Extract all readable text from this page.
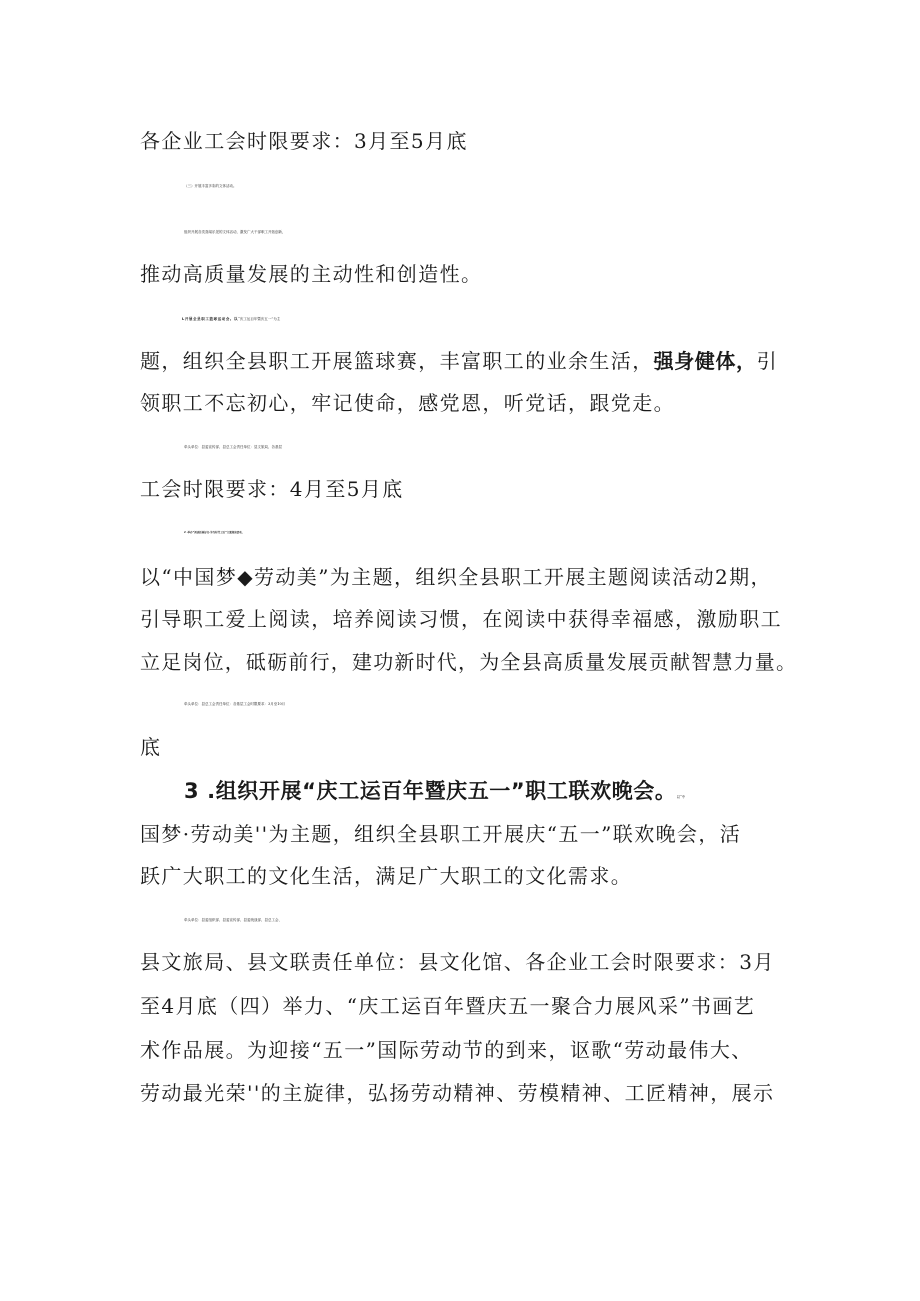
各企业工会时限要求：3月至5月底
（三）开展丰富多彩的文体活动。
组织开展各类喜闻乐见的文体活动，激发广大干部职工开拓创新，
推动高质量发展的主动性和创造性。
L开展全县职工篮球运动会。以“庆工运百年暨庆五一”为主
题，组织全县职工开展篮球赛，丰富职工的业余生活，强身健体，引
领职工不忘初心，牢记使命，感党恩，听党话，跟党走。
牵头单位：县委宣传部、县总工会责任单位：县文旅局、各基层
工会时限要求：4月至5月底
2 .举办“阅读经典好书·争当时代工匠”主题阅读活动。
以“中国梦◆劳动美”为主题，组织全县职工开展主题阅读活动2期，
引导职工爱上阅读，培养阅读习惯，在阅读中获得幸福感，激励职工
立足岗位，砥砺前行，建功新时代，为全县高质量发展贡献智慧力量。
牵头单位：县总工会责任单位：各基层工会时限要求：3月至10月
底
3 .组织开展“庆工运百年暨庆五一”职工联欢晚会。以“中
国梦·劳动美''为主题，组织全县职工开展庆“五一”联欢晚会，活
跃广大职工的文化生活，满足广大职工的文化需求。
牵头单位：县委组织部、县委宣传部、县委统战部、县总工会、
县文旅局、县文联责任单位：县文化馆、各企业工会时限要求：3月
至4月底（四）举力、“庆工运百年暨庆五一聚合力展风采”书画艺
术作品展。为迎接“五一”国际劳动节的到来，讴歌“劳动最伟大、
劳动最光荣''的主旋律，弘扬劳动精神、劳模精神、工匠精神，展示
